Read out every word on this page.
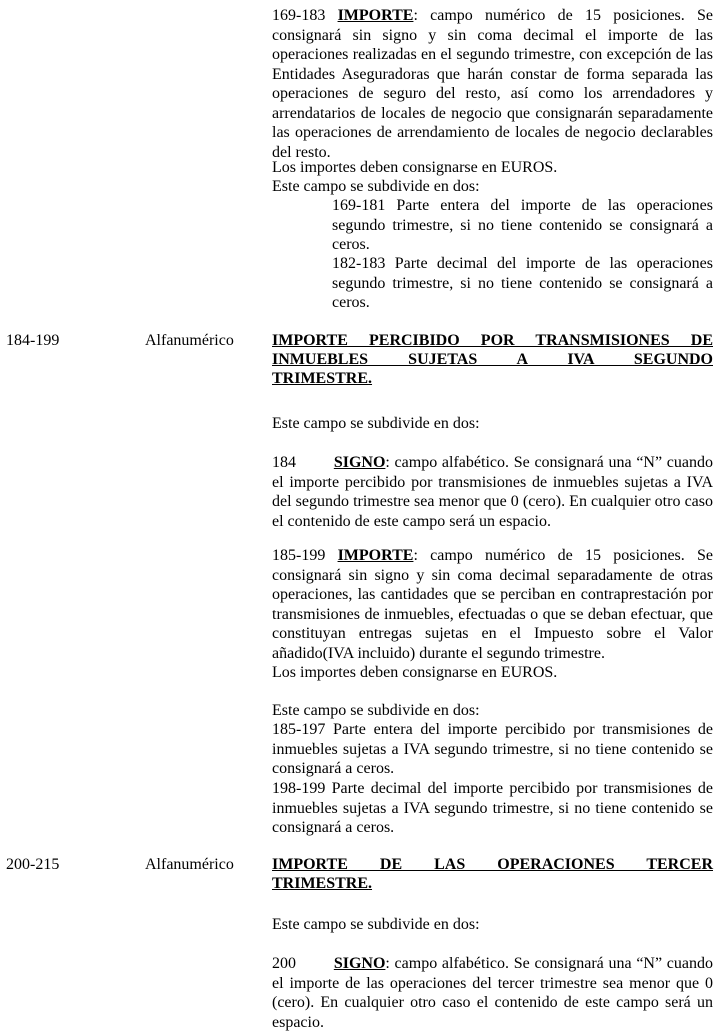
169-183 IMPORTE: campo numérico de 15 posiciones. Se consignará sin signo y sin coma decimal el importe de las operaciones realizadas en el segundo trimestre, con excepción de las Entidades Aseguradoras que harán constar de forma separada las operaciones de seguro del resto, así como los arrendadores y arrendatarios de locales de negocio que consignarán separadamente las operaciones de arrendamiento de locales de negocio declarables del resto.
Los importes deben consignarse en EUROS.
Este campo se subdivide en dos:
169-181 Parte entera del importe de las operaciones segundo trimestre, si no tiene contenido se consignará a ceros.
182-183 Parte decimal del importe de las operaciones segundo trimestre, si no tiene contenido se consignará a ceros.
184-199	Alfanumérico IMPORTE PERCIBIDO POR TRANSMISIONES DE INMUEBLES SUJETAS A IVA SEGUNDO
TRIMESTRE.
Este campo se subdivide en dos:
184 SIGNO: campo alfabético. Se consignará una “N” cuando el importe percibido por transmisiones de inmuebles sujetas a IVA del segundo trimestre sea menor que 0 (cero). En cualquier otro caso el contenido de este campo será un espacio.
185-199 IMPORTE: campo numérico de 15 posiciones. Se consignará sin signo y sin coma decimal separadamente de otras operaciones, las cantidades que se perciban en contraprestación por transmisiones de inmuebles, efectuadas o que se deban efectuar, que constituyan entregas sujetas en el Impuesto sobre el Valor añadido(IVA incluido) durante el segundo trimestre.
Los importes deben consignarse en EUROS.
Este campo se subdivide en dos:
185-197 Parte entera del importe percibido por transmisiones de inmuebles sujetas a IVA segundo trimestre, si no tiene contenido se consignará a ceros.
198-199 Parte decimal del importe percibido por transmisiones de inmuebles sujetas a IVA segundo trimestre, si no tiene contenido se consignará a ceros.
200-215	Alfanumérico IMPORTE DE LAS OPERACIONES TERCER
TRIMESTRE.
Este campo se subdivide en dos:
200 SIGNO: campo alfabético. Se consignará una “N” cuando el importe de las operaciones del tercer trimestre sea menor que 0 (cero). En cualquier otro caso el contenido de este campo será un espacio.
